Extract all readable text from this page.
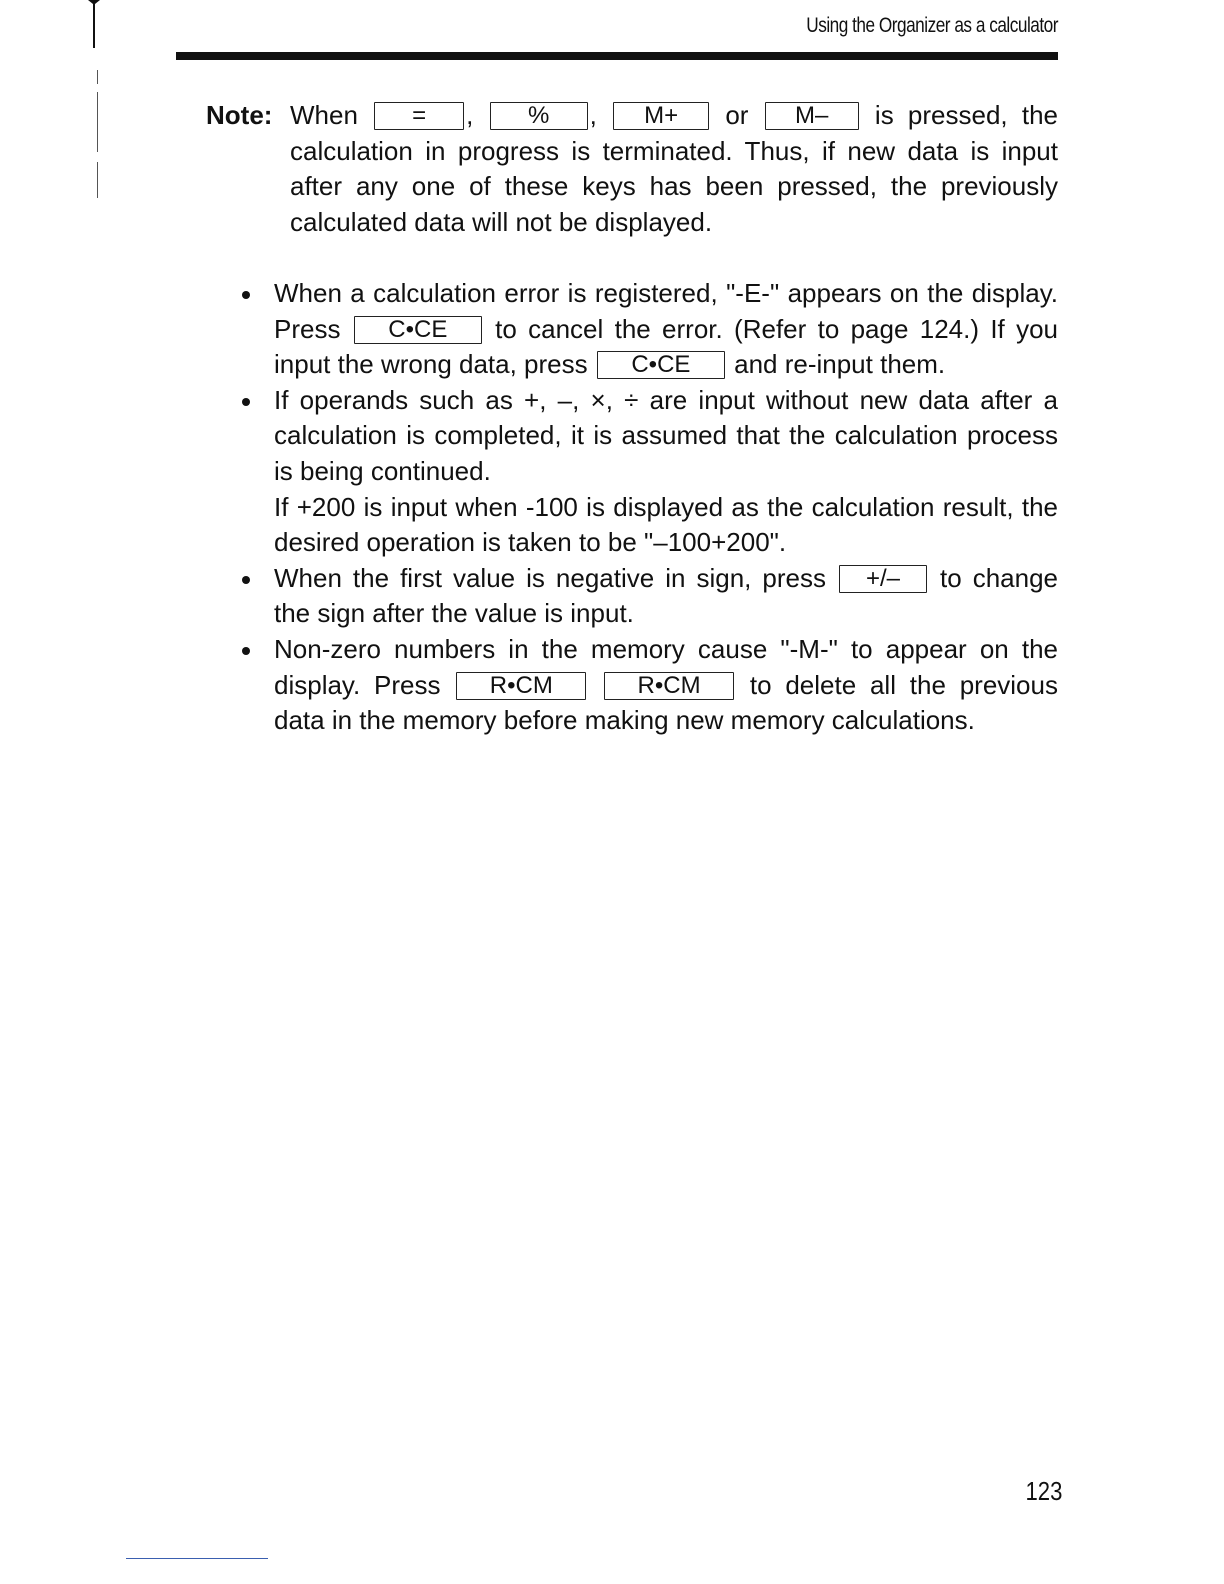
Using the Organizer as a calculator
Note: When = , % , M+ or M– is pressed, the calculation in progress is terminated. Thus, if new data is input after any one of these keys has been pressed, the previously calculated data will not be displayed.
When a calculation error is registered, "-E-" appears on the display. Press C•CE to cancel the error. (Refer to page 124.) If you input the wrong data, press C•CE and re-input them.
If operands such as +, –, ×, ÷ are input without new data after a calculation is completed, it is assumed that the calculation process is being continued.
If +200 is input when -100 is displayed as the calculation result, the desired operation is taken to be "–100+200".
When the first value is negative in sign, press +/– to change the sign after the value is input.
Non-zero numbers in the memory cause "-M-" to appear on the display. Press R•CM	R•CM to delete all the previous data in the memory before making new memory calculations.
123
